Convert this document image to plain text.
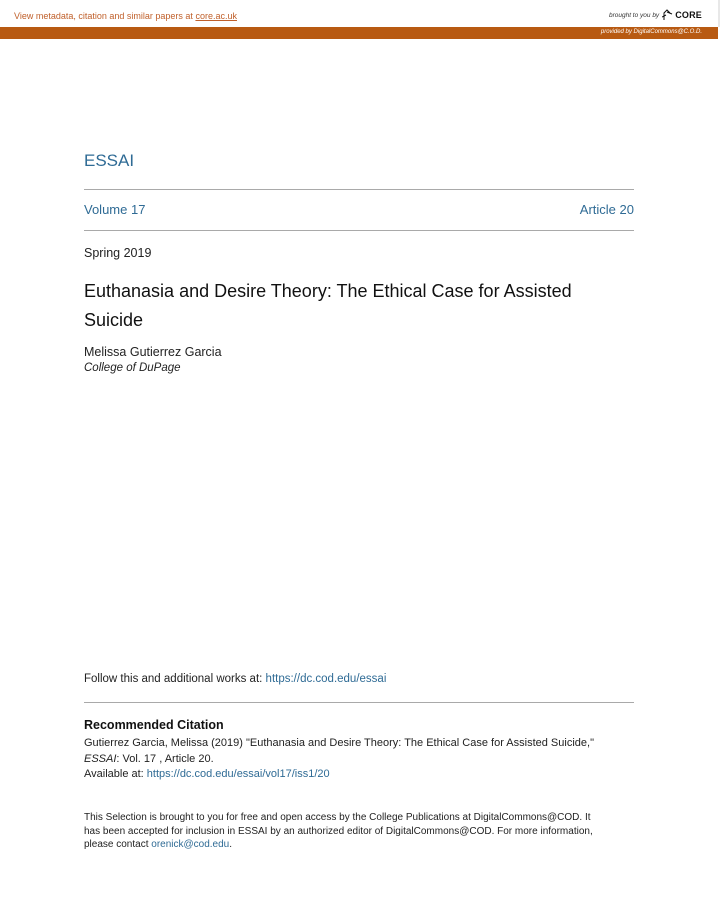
View metadata, citation and similar papers at core.ac.uk	brought to you by CORE
provided by DigitalCommons@C.O.D.
ESSAI
Volume 17	Article 20
Spring 2019
Euthanasia and Desire Theory: The Ethical Case for Assisted Suicide
Melissa Gutierrez Garcia
College of DuPage
Follow this and additional works at: https://dc.cod.edu/essai
Recommended Citation
Gutierrez Garcia, Melissa (2019) "Euthanasia and Desire Theory: The Ethical Case for Assisted Suicide,"
ESSAI: Vol. 17 , Article 20.
Available at: https://dc.cod.edu/essai/vol17/iss1/20
This Selection is brought to you for free and open access by the College Publications at DigitalCommons@COD. It
has been accepted for inclusion in ESSAI by an authorized editor of DigitalCommons@COD. For more information,
please contact orenick@cod.edu.
